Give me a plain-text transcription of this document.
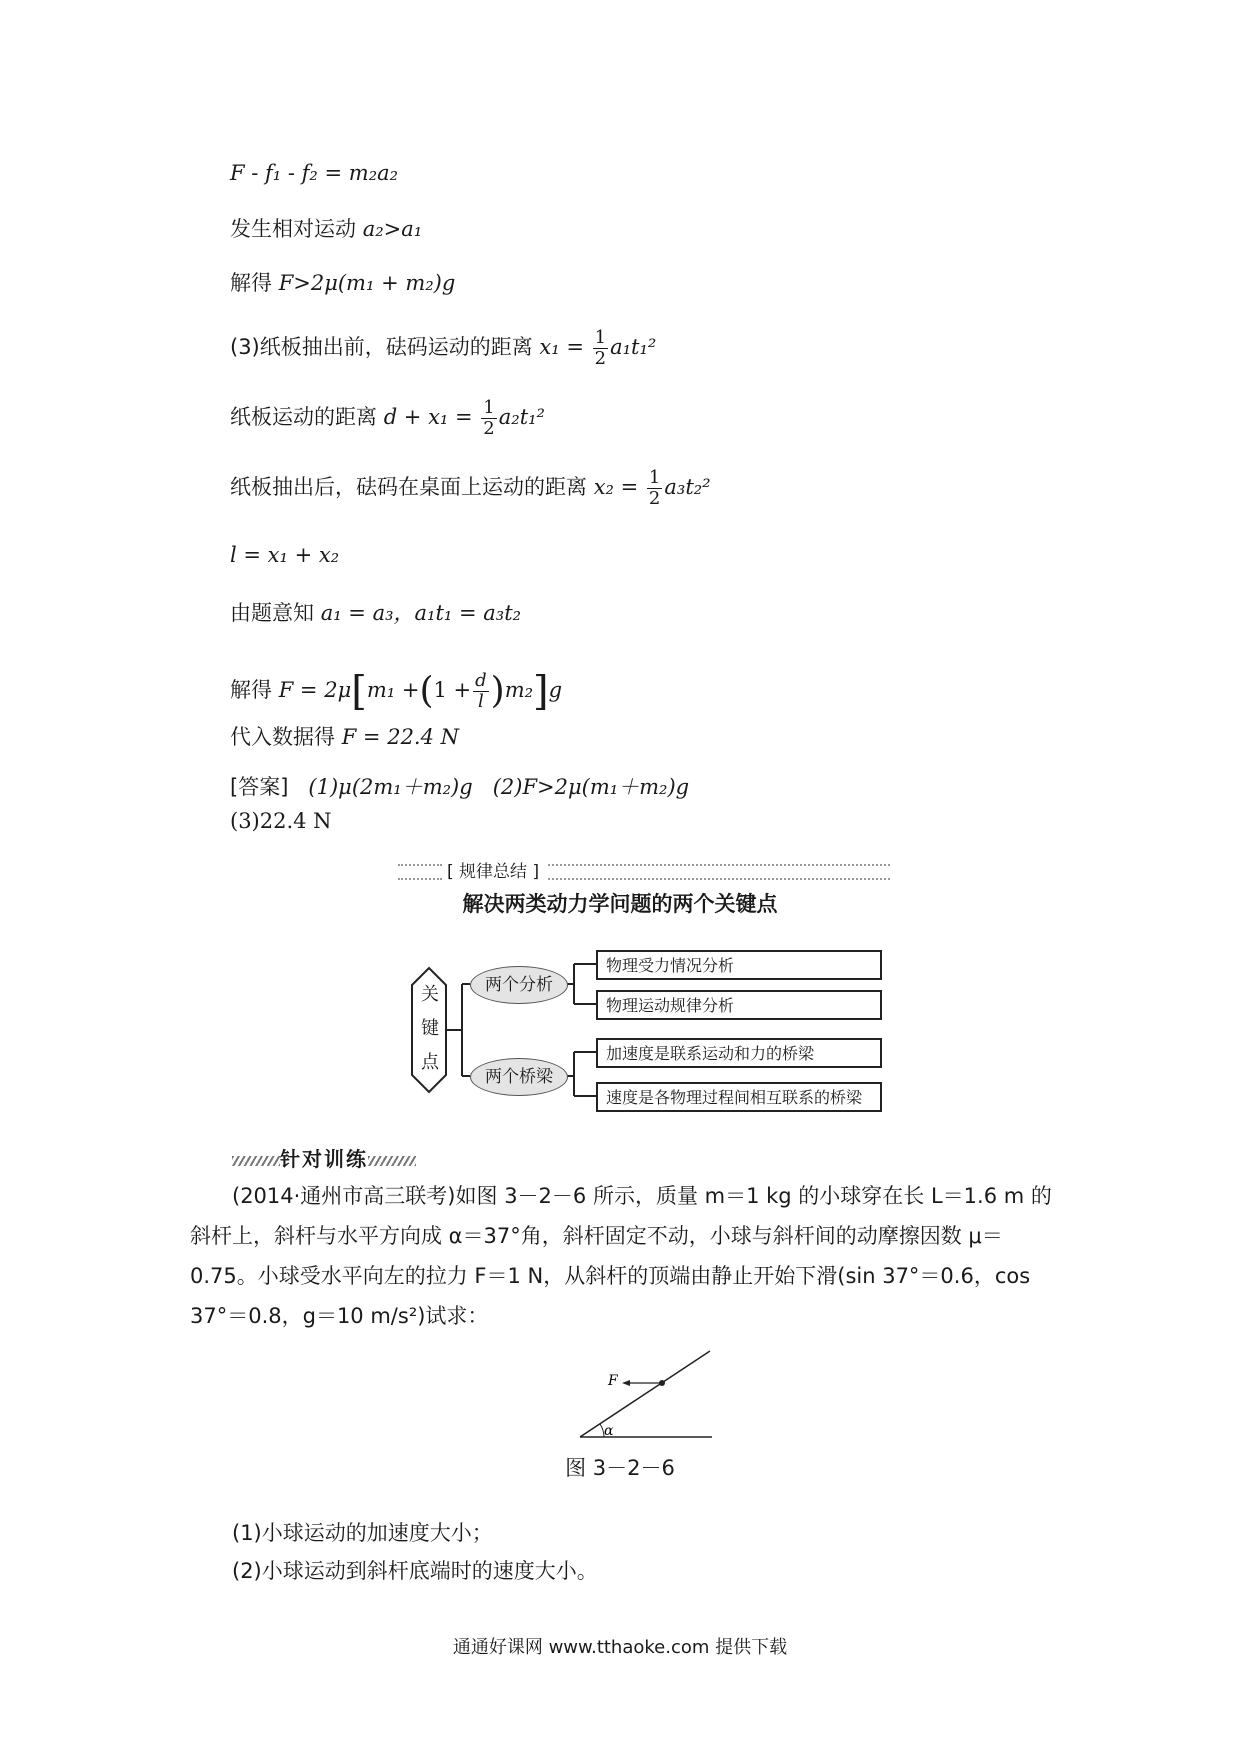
F - f₁ - f₂ = m₂a₂
发生相对运动 a₂>a₁
解得 F>2μ(m₁ + m₂)g
(3)纸板抽出前，砝码运动的距离 $x_1 = \frac{1}{2} a_1t_1^2$
纸板运动的距离 $d + x_1 = \frac{1}{2} a_2t_1^2$
纸板抽出后，砝码在桌面上运动的距离 $x_2 = \frac{1}{2} a_3t_2^2$
l = x₁ + x₂
由题意知 a₁ = a₃，a₁t₁ = a₃t₂
解得 $F = 2\mu[m_1 +(1 + \frac{d}{l} )m_2]g$
代入数据得 F = 22.4 N
[答案] (1)μ(2m₁＋m₂)g (2)F>2μ(m₁＋m₂)g
(3)22.4 N
[ 规律总结 ]
解决两类动力学问题的两个关键点
关
键
点
两个分析
两个桥梁
物理受力情况分析
物理运动规律分析
加速度是联系运动和力的桥梁
速度是各物理过程间相互联系的桥梁
针对训练
(2014·通州市高三联考)如图 3－2－6 所示，质量 m＝1 kg 的小球穿在长 L＝1.6 m 的斜杆上，斜杆与水平方向成 α＝37°角，斜杆固定不动，小球与斜杆间的动摩擦因数 μ＝0.75。小球受水平向左的拉力 F＝1 N，从斜杆的顶端由静止开始下滑(sin 37°＝0.6，cos 37°＝0.8，g＝10 m/s²)试求：
F
α
图 3－2－6
(1)小球运动的加速度大小；
(2)小球运动到斜杆底端时的速度大小。
通通好课网 www.tthaoke.com 提供下载
